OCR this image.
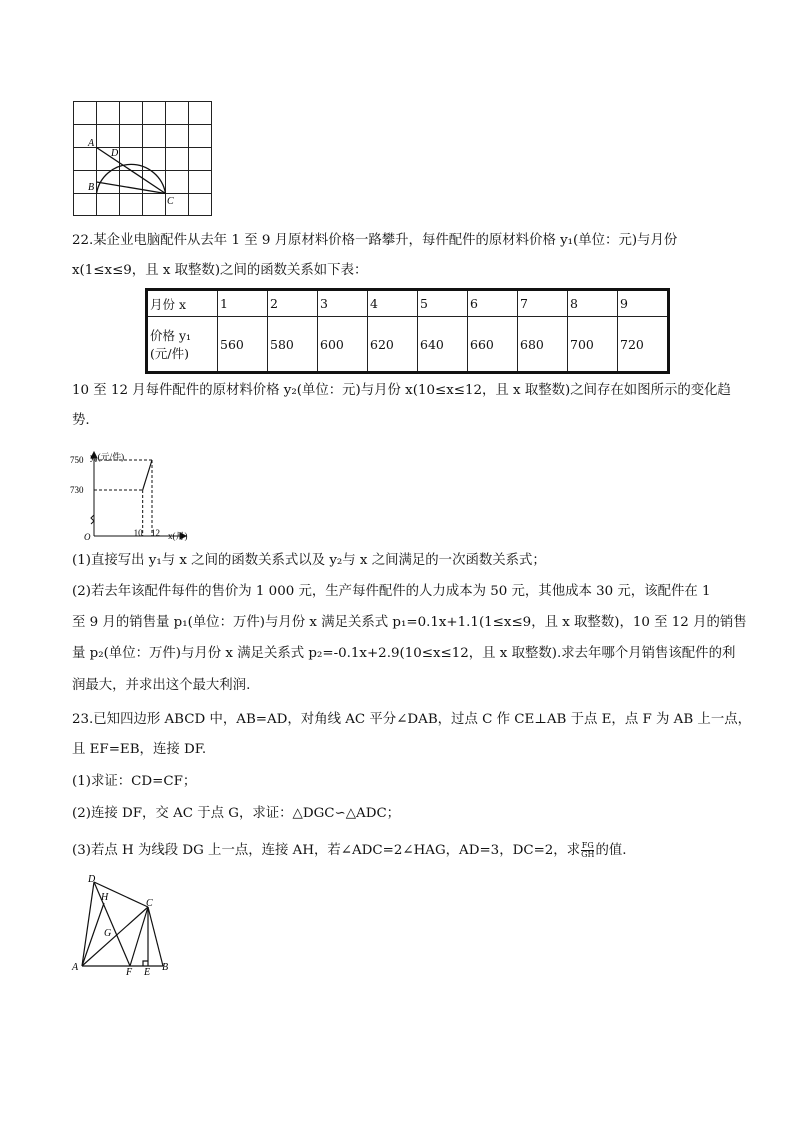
A
D
B
C
22.某企业电脑配件从去年 1 至 9 月原材料价格一路攀升，每件配件的原材料价格 y₁(单位：元)与月份
x(1≤x≤9，且 x 取整数)之间的函数关系如下表：
月份 x	1	2	3	4	5	6	7	8	9
价格 y₁
(元/件)	560	580	600	620	640	660	680	700	720
10 至 12 月每件配件的原材料价格 y₂(单位：元)与月份 x(10≤x≤12，且 x 取整数)之间存在如图所示的变化趋
势.
750
730
10 12
y₂(元/件)
x(月)
O
(1)直接写出 y₁与 x 之间的函数关系式以及 y₂与 x 之间满足的一次函数关系式；
(2)若去年该配件每件的售价为 1 000 元，生产每件配件的人力成本为 50 元，其他成本 30 元，该配件在 1
至 9 月的销售量 p₁(单位：万件)与月份 x 满足关系式 p₁=0.1x+1.1(1≤x≤9，且 x 取整数)，10 至 12 月的销售
量 p₂(单位：万件)与月份 x 满足关系式 p₂=-0.1x+2.9(10≤x≤12，且 x 取整数).求去年哪个月销售该配件的利
润最大，并求出这个最大利润.
23.已知四边形 ABCD 中，AB=AD，对角线 AC 平分∠DAB，过点 C 作 CE⊥AB 于点 E，点 F 为 AB 上一点，
且 EF=EB，连接 DF.
(1)求证：CD=CF；
(2)连接 DF，交 AC 于点 G，求证：△DGC∽△ADC；
(3)若点 H 为线段 DG 上一点，连接 AH，若∠ADC=2∠HAG，AD=3，DC=2，求 $\frac{FG}{GH}$ 的值.
D
H
C
G
A	F E B
